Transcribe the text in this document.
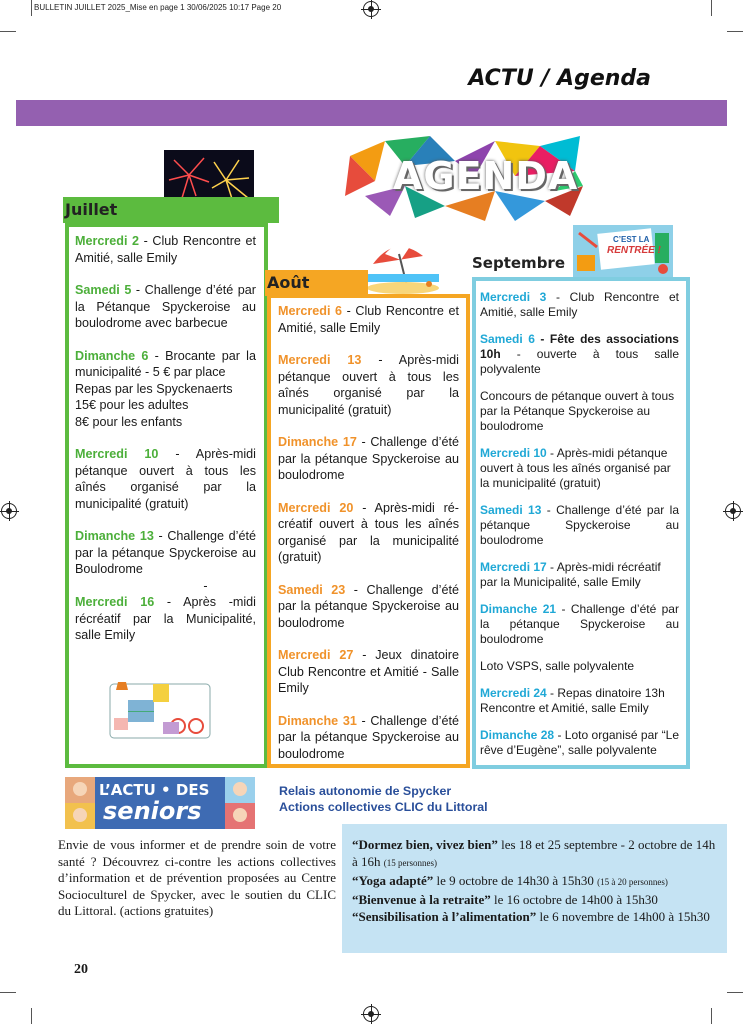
BULLETIN JUILLET 2025_Mise en page 1 30/06/2025 10:17 Page 20
ACTU / Agenda
AGENDA
Juillet

Mercredi 2 - Club Rencontre et Amitié, salle Emily

Samedi 5 - Challenge d’été par la Pétanque Spyckeroise au boulodrome avec barbecue

Dimanche 6 - Brocante par la municipalité - 5 € par place

Repas par les Spyckenaerts

15€ pour les adultes

8€ pour les enfants

Mercredi 10 - Après-midi pétanque ouvert à tous les aînés organisé par la municipalité (gratuit)

Dimanche 13 - Challenge d’été par la pétanque Spyckeroise au Boulodrome

-

Mercredi 16 - Après -midi récréatif par la Municipalité, salle Emily

Août

Mercredi 6 - Club Rencontre et Amitié, salle Emily

Mercredi 13 - Après-midi pétanque ouvert à tous les aînés organisé par la municipalité (gratuit)

Dimanche 17 - Challenge d’été par la pétanque Spyckeroise au boulodrome

Mercredi 20 - Après-midi ré-créatif ouvert à tous les aînés organisé par la municipalité (gratuit)

Samedi 23 - Challenge d’été par la pétanque Spyckeroise au boulodrome

Mercredi 27 - Jeux dinatoire Club Rencontre et Amitié - Salle Emily

Dimanche 31 - Challenge d’été par la pétanque Spyckeroise au boulodrome

C’EST LA
RENTRÉE !
Septembre

Mercredi 3 - Club Rencontre et Amitié, salle Emily

Samedi 6 - Fête des associations 10h - ouverte à tous salle polyvalente

Concours de pétanque ouvert à tous par la Pétanque Spyckeroise au boulodrome

Mercredi 10 - Après-midi pétanque ouvert à tous les aînés organisé par la municipalité (gratuit)

Samedi 13 - Challenge d’été par la pétanque Spyckeroise au boulodrome

Mercredi 17 - Après-midi récréatif par la Municipalité, salle Emily

Dimanche 21 - Challenge d’été par la pétanque Spyckeroise au boulodrome

Loto VSPS, salle polyvalente

Mercredi 24 - Repas dinatoire 13h Rencontre et Amitié, salle Emily

Dimanche 28 - Loto organisé par “Le rêve d’Eugène”, salle polyvalente

L’ACTU • DES
seniors

Relais autonomie de Spycker

Actions collectives CLIC du Littoral

Envie de vous informer et de prendre soin de votre santé ? Découvrez ci-contre les actions collectives d’information et de prévention proposées au Centre Socioculturel de Spycker, avec le soutien du CLIC du Littoral. (actions gratuites)

“Dormez bien, vivez bien” les 18 et 25 septembre - 2 octobre de 14h à 16h (15 personnes)

“Yoga adapté” le 9 octobre de 14h30 à 15h30 (15 à 20 personnes)

“Bienvenue à la retraite” le 16 octobre de 14h00 à 15h30

“Sensibilisation à l’alimentation” le 6 novembre de 14h00 à 15h30

20
